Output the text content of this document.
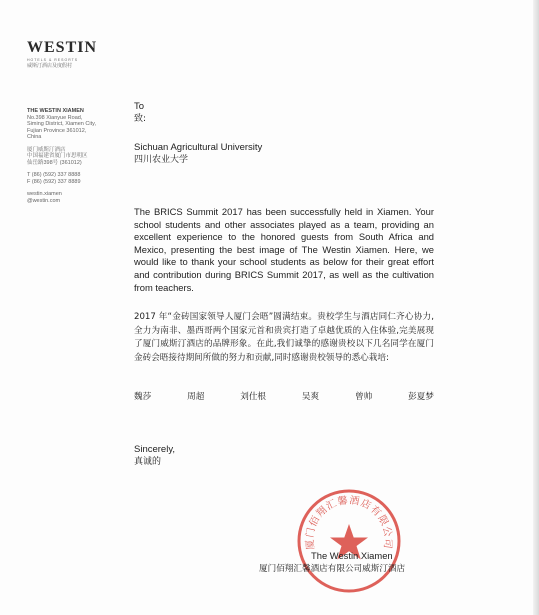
WESTIN
HOTELS & RESORTS
威斯汀酒店及度假村
THE WESTIN XIAMEN
No.398 Xianyue Road,
Siming District, Xiamen City,
Fujian Province 361012,
China
厦门威斯汀酒店
中国福建省厦门市思明区
仙岳路398号 (361012)
T (86) (592) 337 8888
F (86) (592) 337 8889
westin.xiamen
@westin.com
To
致:
Sichuan Agricultural University
四川农业大学

The BRICS Summit 2017 has been successfully held in Xiamen. Your school students and other associates played as a team, providing an excellent experience to the honored guests from South Africa and Mexico, presenting the best image of The Westin Xiamen. Here, we would like to thank your school students as below for their great effort and contribution during BRICS Summit 2017, as well as the cultivation from teachers.

2017 年“金砖国家领导人厦门会晤”圆满结束。贵校学生与酒店同仁齐心协力,全力为南非、墨西哥两个国家元首和贵宾打造了卓越优质的入住体验,完美展现了厦门威斯汀酒店的品牌形象。在此,我们诚挚的感谢贵校以下几名同学在厦门金砖会晤接待期间所做的努力和贡献,同时感谢贵校领导的悉心栽培:

魏莎	周超	刘仕根	吴爽	曾帅	彭夏梦
Sincerely,
真诚的
厦门佰翔汇馨酒店有限公司
The Westin Xiamen
厦门佰翔汇馨酒店有限公司威斯汀酒店
